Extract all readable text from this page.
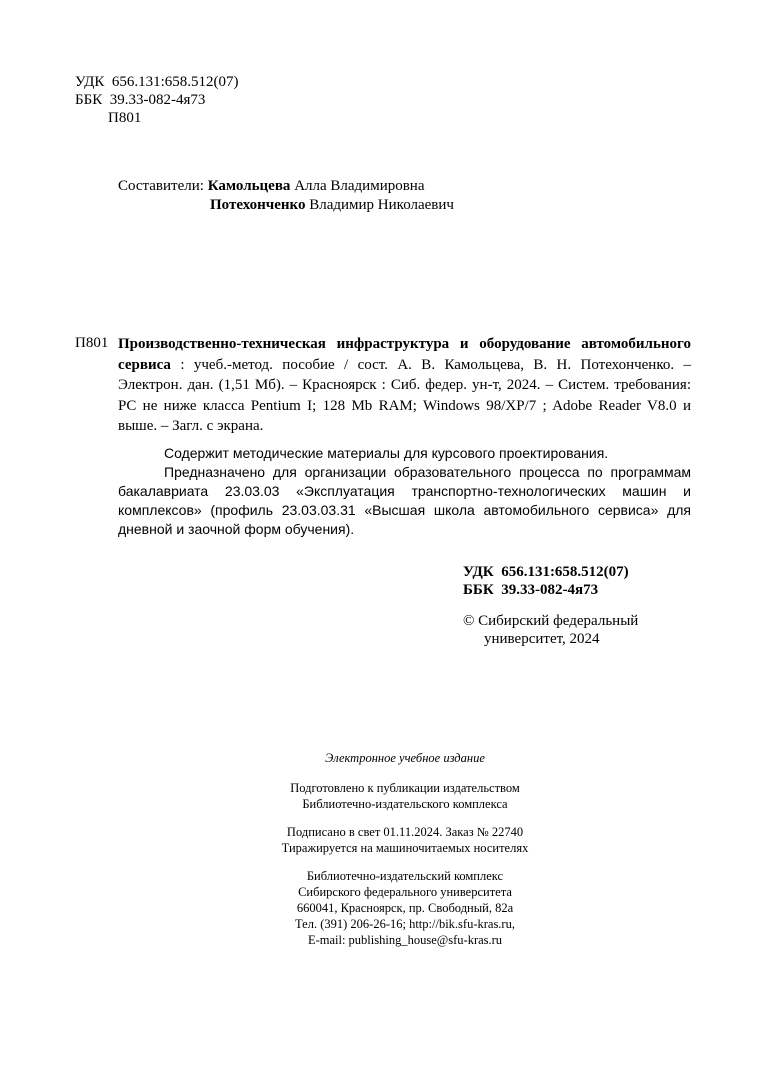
УДК  656.131:658.512(07)
ББК  39.33-082-4я73
П801
Составители: Камольцева Алла Владимировна
Потехонченко Владимир Николаевич
П801 Производственно-техническая инфраструктура и оборудование автомобильного сервиса : учеб.-метод. пособие / сост. А. В. Камольцева, В. Н. Потехонченко. – Электрон. дан. (1,51 Мб). – Красноярск : Сиб. федер. ун-т, 2024. – Систем. требования: PC не ниже класса Pentium I; 128 Mb RAM; Windows 98/XP/7 ; Adobe Reader V8.0 и выше. – Загл. с экрана.

Содержит методические материалы для курсового проектирования.

Предназначено для организации образовательного процесса по программам бакалавриата 23.03.03 «Эксплуатация транспортно-технологических машин и комплексов» (профиль 23.03.03.31 «Высшая школа автомобильного сервиса» для дневной и заочной форм обучения).

УДК  656.131:658.512(07)
ББК  39.33-082-4я73
© Сибирский федеральный
университет, 2024
Электронное учебное издание
Подготовлено к публикации издательством
Библиотечно-издательского комплекса
Подписано в свет 01.11.2024. Заказ № 22740
Тиражируется на машиночитаемых носителях
Библиотечно-издательский комплекс
Сибирского федерального университета
660041, Красноярск, пр. Свободный, 82а
Тел. (391) 206-26-16; http://bik.sfu-kras.ru,
E-mail: publishing_house@sfu-kras.ru
